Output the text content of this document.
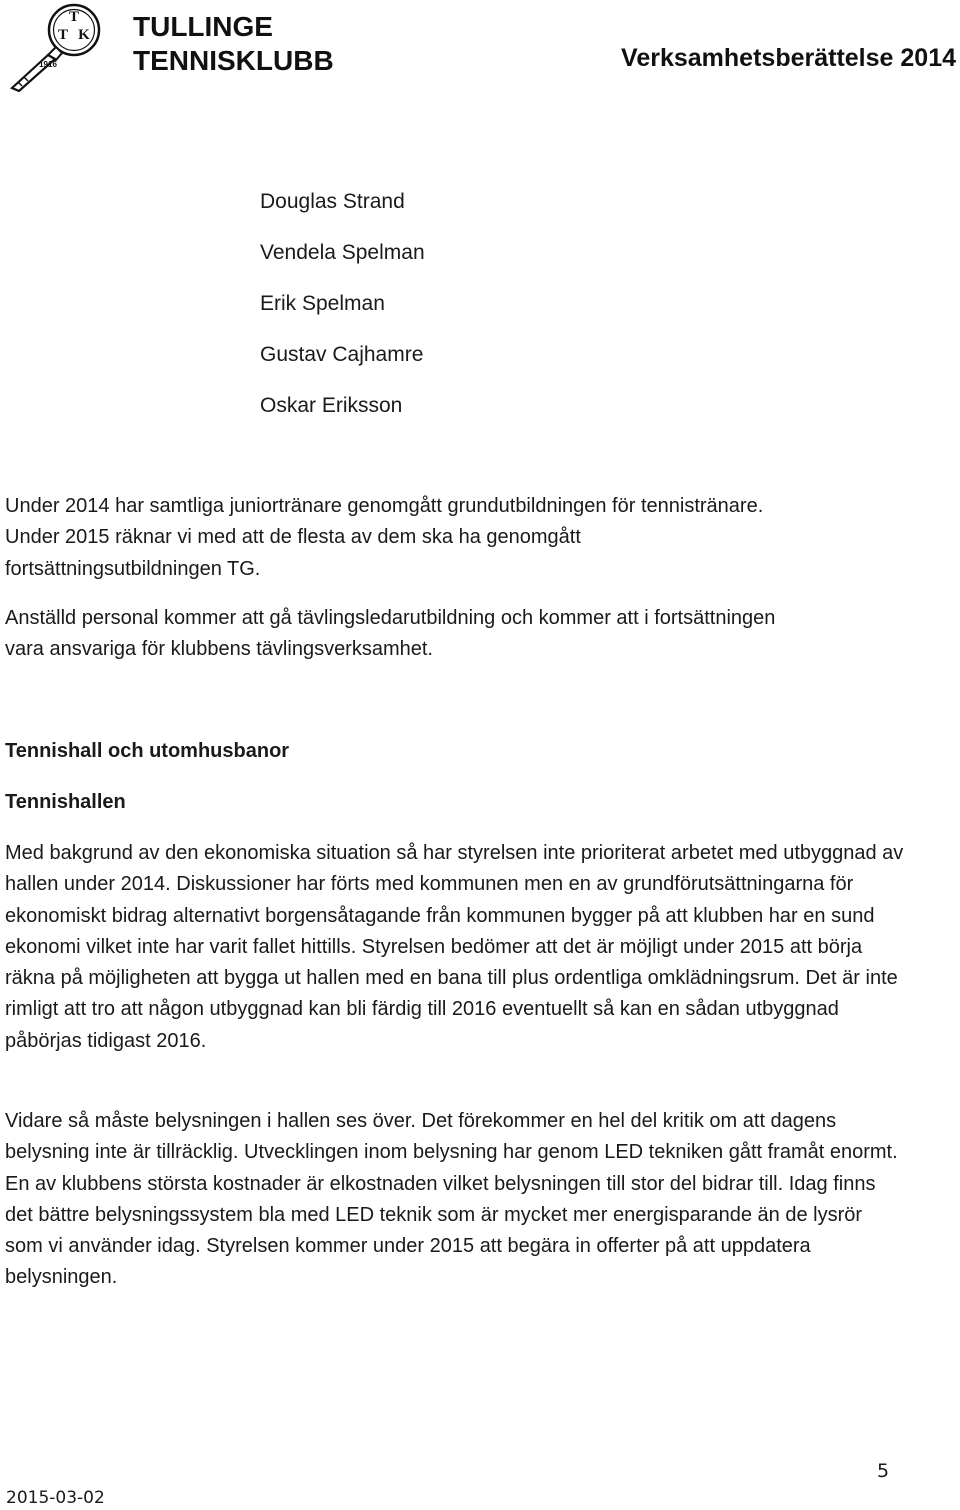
T
T K
1916
TULLINGE
TENNISKLUBB	Verksamhetsberättelse 2014
Douglas Strand
Vendela Spelman
Erik Spelman
Gustav Cajhamre
Oskar Eriksson

Under 2014 har samtliga juniortränare genomgått grundutbildningen för tennistränare. Under 2015 räknar vi med att de flesta av dem ska ha genomgått fortsättningsutbildningen TG.

Anställd personal kommer att gå tävlingsledarutbildning och kommer att i fortsättningen vara ansvariga för klubbens tävlingsverksamhet.

Tennishall och utomhusbanor
Tennishallen

Med bakgrund av den ekonomiska situation så har styrelsen inte prioriterat arbetet med utbyggnad av hallen under 2014. Diskussioner har förts med kommunen men en av grundförutsättningarna för ekonomiskt bidrag alternativt borgensåtagande från kommunen bygger på att klubben har en sund ekonomi vilket inte har varit fallet hittills. Styrelsen bedömer att det är möjligt under 2015 att börja räkna på möjligheten att bygga ut hallen med en bana till plus ordentliga omklädningsrum. Det är inte rimligt att tro att någon utbyggnad kan bli färdig till 2016 eventuellt så kan en sådan utbyggnad påbörjas tidigast 2016.

Vidare så måste belysningen i hallen ses över. Det förekommer en hel del kritik om att dagens belysning inte är tillräcklig. Utvecklingen inom belysning har genom LED tekniken gått framåt enormt. En av klubbens största kostnader är elkostnaden vilket belysningen till stor del bidrar till. Idag finns det bättre belysningssystem bla med LED teknik som är mycket mer energisparande än de lysrör som vi använder idag. Styrelsen kommer under 2015 att begära in offerter på att uppdatera belysningen.

5
2015-03-02
